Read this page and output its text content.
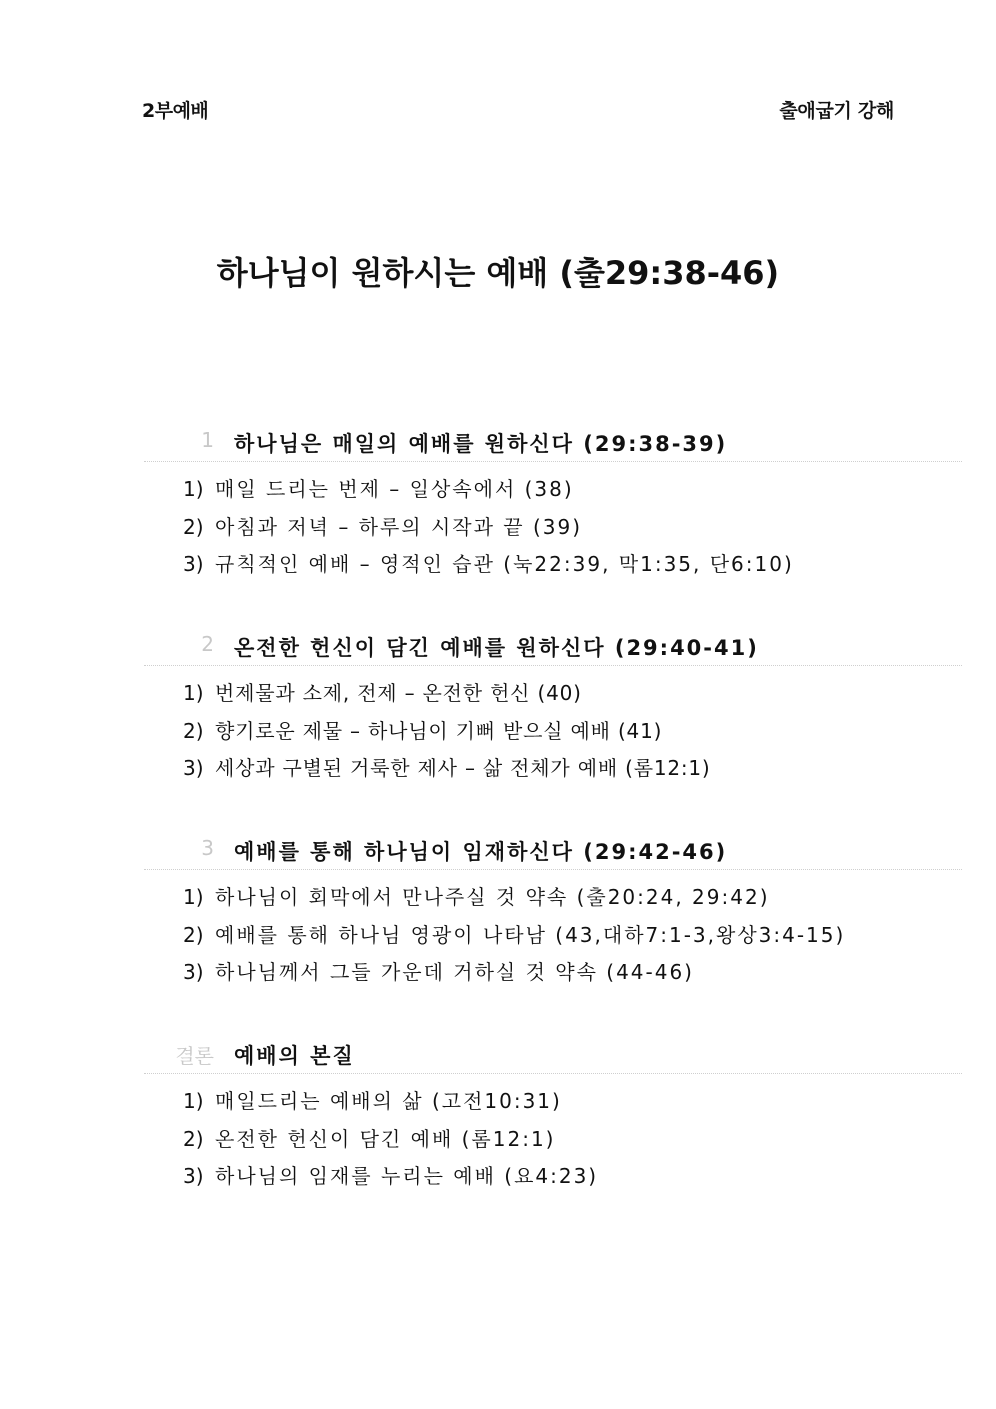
2부예배	출애굽기 강해
하나님이 원하시는 예배 (출29:38-46)
1 하나님은 매일의 예배를 원하신다 (29:38-39)
1) 매일 드리는 번제 – 일상속에서 (38)
2) 아침과 저녁 – 하루의 시작과 끝 (39)
3) 규칙적인 예배 – 영적인 습관 (눅22:39, 막1:35, 단6:10)
2 온전한 헌신이 담긴 예배를 원하신다 (29:40-41)
1) 번제물과 소제, 전제 – 온전한 헌신 (40)
2) 향기로운 제물 – 하나님이 기뻐 받으실 예배 (41)
3) 세상과 구별된 거룩한 제사 – 삶 전체가 예배 (롬12:1)
3 예배를 통해 하나님이 임재하신다 (29:42-46)
1) 하나님이 회막에서 만나주실 것 약속 (출20:24, 29:42)
2) 예배를 통해 하나님 영광이 나타남 (43,대하7:1-3,왕상3:4-15)
3) 하나님께서 그들 가운데 거하실 것 약속 (44-46)
결론 예배의 본질
1) 매일드리는 예배의 삶 (고전10:31)
2) 온전한 헌신이 담긴 예배 (롬12:1)
3) 하나님의 임재를 누리는 예배 (요4:23)
